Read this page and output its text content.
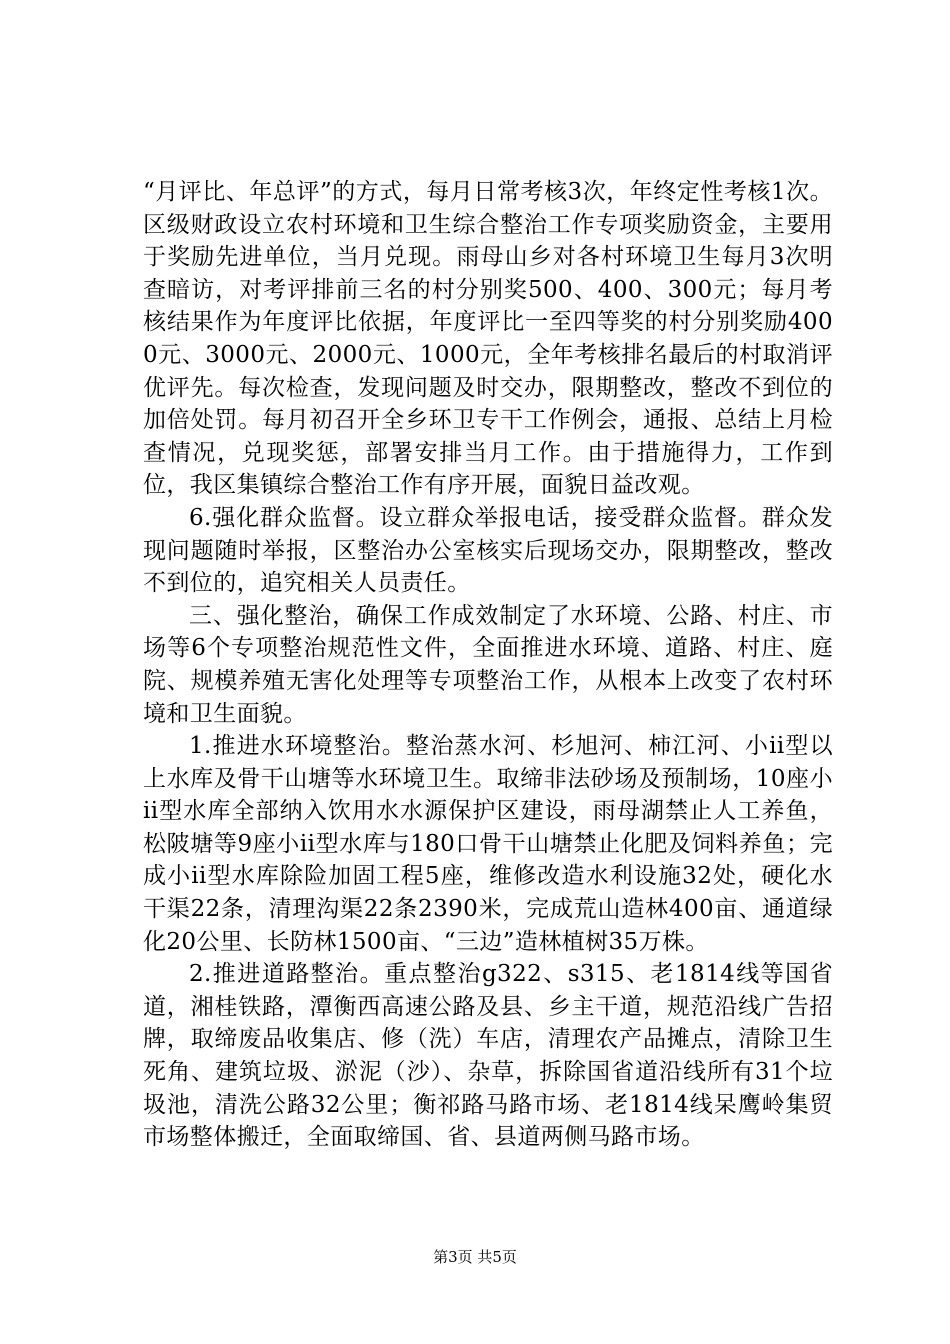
“月评比、年总评”的方式，每月日常考核3次，年终定性考核1次。区级财政设立农村环境和卫生综合整治工作专项奖励资金，主要用于奖励先进单位，当月兑现。雨母山乡对各村环境卫生每月3次明查暗访，对考评排前三名的村分别奖500、400、300元；每月考核结果作为年度评比依据，年度评比一至四等奖的村分别奖励4000元、3000元、2000元、1000元，全年考核排名最后的村取消评优评先。每次检查，发现问题及时交办，限期整改，整改不到位的加倍处罚。每月初召开全乡环卫专干工作例会，通报、总结上月检查情况，兑现奖惩，部署安排当月工作。由于措施得力，工作到位，我区集镇综合整治工作有序开展，面貌日益改观。

6.强化群众监督。设立群众举报电话，接受群众监督。群众发现问题随时举报，区整治办公室核实后现场交办，限期整改，整改不到位的，追究相关人员责任。

三、强化整治，确保工作成效制定了水环境、公路、村庄、市场等6个专项整治规范性文件，全面推进水环境、道路、村庄、庭院、规模养殖无害化处理等专项整治工作，从根本上改变了农村环境和卫生面貌。

1.推进水环境整治。整治蒸水河、杉旭河、柿江河、小ii型以上水库及骨干山塘等水环境卫生。取缔非法砂场及预制场，10座小ii型水库全部纳入饮用水水源保护区建设，雨母湖禁止人工养鱼，松陂塘等9座小ii型水库与180口骨干山塘禁止化肥及饲料养鱼；完成小ii型水库除险加固工程5座，维修改造水利设施32处，硬化水干渠22条，清理沟渠22条2390米，完成荒山造林400亩、通道绿化20公里、长防林1500亩、“三边”造林植树35万株。

2.推进道路整治。重点整治g322、s315、老1814线等国省道，湘桂铁路，潭衡西高速公路及县、乡主干道，规范沿线广告招牌，取缔废品收集店、修（洗）车店，清理农产品摊点，清除卫生死角、建筑垃圾、淤泥（沙）、杂草，拆除国省道沿线所有31个垃圾池，清洗公路32公里；衡祁路马路市场、老1814线呆鹰岭集贸市场整体搬迁，全面取缔国、省、县道两侧马路市场。

第3页 共5页
